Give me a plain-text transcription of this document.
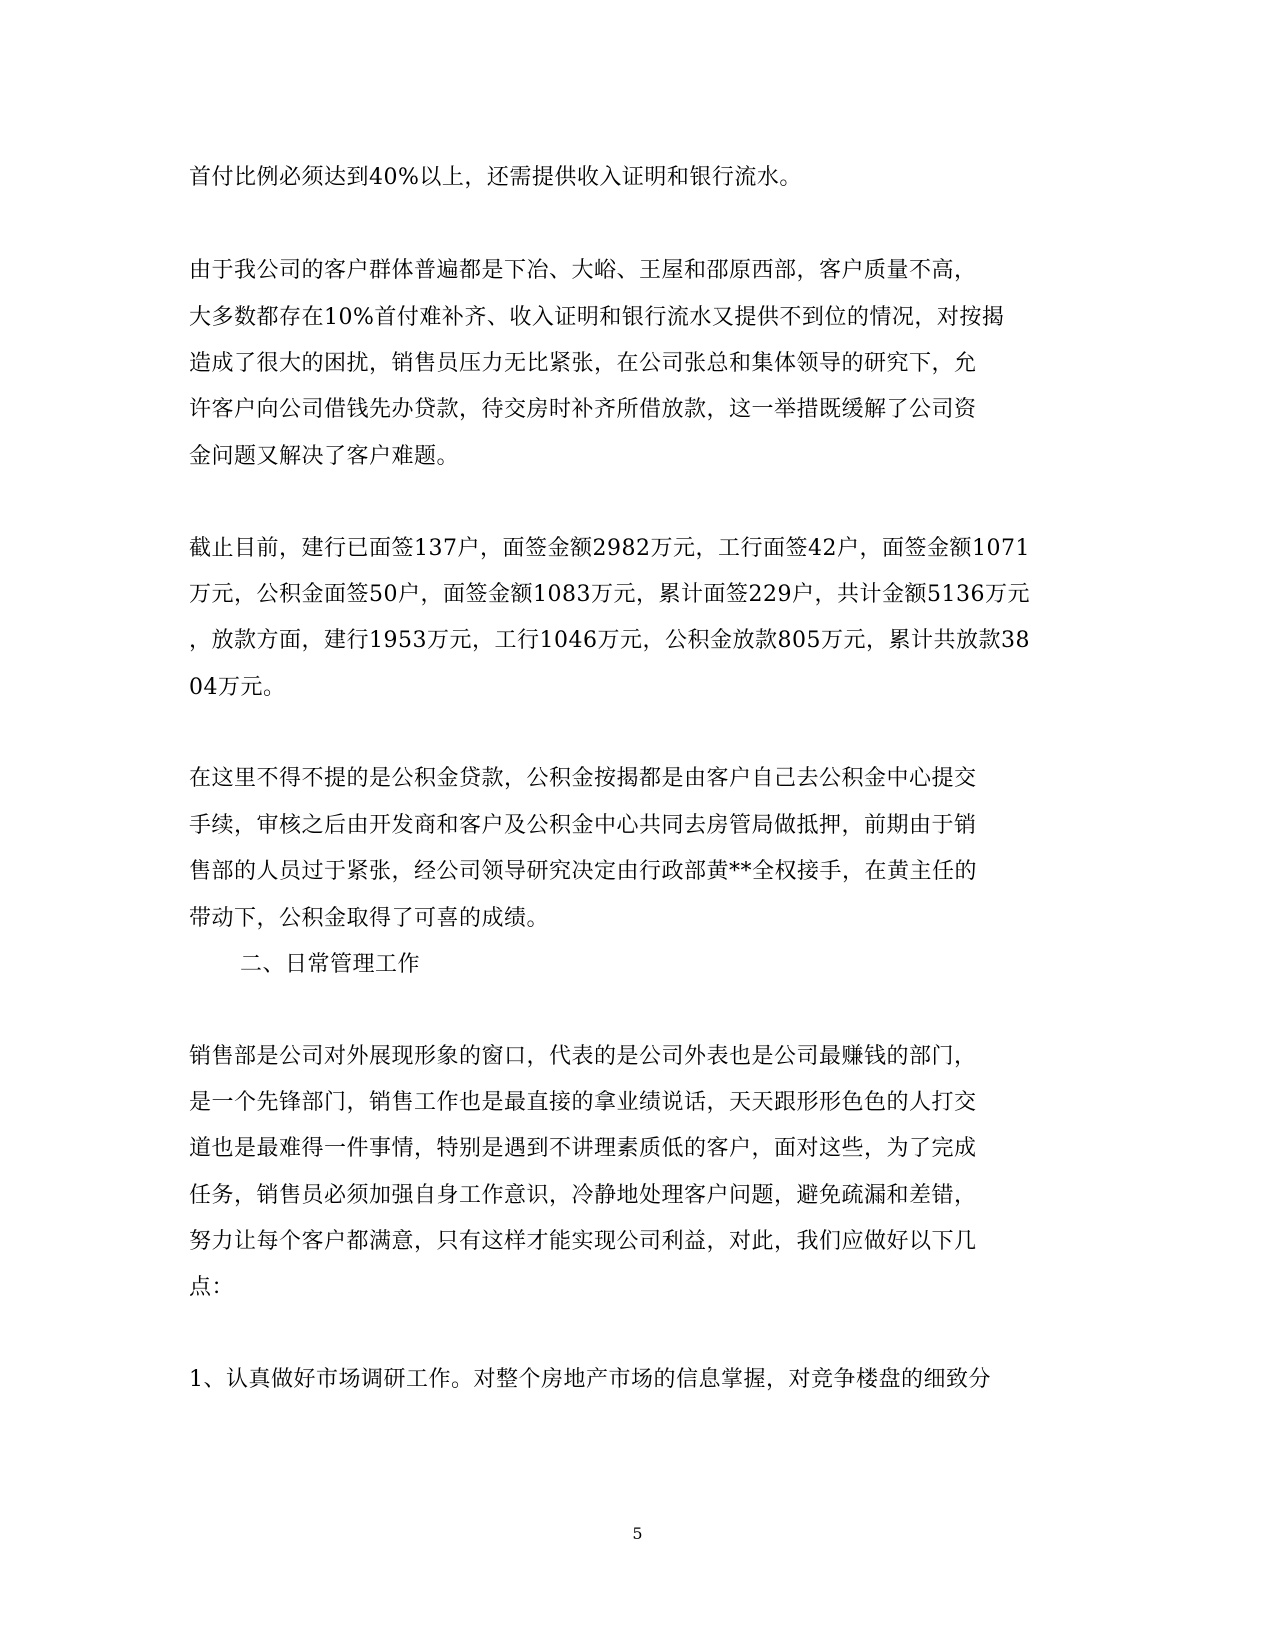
首付比例必须达到40%以上，还需提供收入证明和银行流水。
由于我公司的客户群体普遍都是下冶、大峪、王屋和邵原西部，客户质量不高，
大多数都存在10%首付难补齐、收入证明和银行流水又提供不到位的情况，对按揭
造成了很大的困扰，销售员压力无比紧张，在公司张总和集体领导的研究下，允
许客户向公司借钱先办贷款，待交房时补齐所借放款，这一举措既缓解了公司资
金问题又解决了客户难题。
截止目前，建行已面签137户，面签金额2982万元，工行面签42户，面签金额1071
万元，公积金面签50户，面签金额1083万元，累计面签229户，共计金额5136万元
，放款方面，建行1953万元，工行1046万元，公积金放款805万元，累计共放款38
04万元。
在这里不得不提的是公积金贷款，公积金按揭都是由客户自己去公积金中心提交
手续，审核之后由开发商和客户及公积金中心共同去房管局做抵押，前期由于销
售部的人员过于紧张，经公司领导研究决定由行政部黄**全权接手，在黄主任的
带动下，公积金取得了可喜的成绩。
二、日常管理工作
销售部是公司对外展现形象的窗口，代表的是公司外表也是公司最赚钱的部门，
是一个先锋部门，销售工作也是最直接的拿业绩说话，天天跟形形色色的人打交
道也是最难得一件事情，特别是遇到不讲理素质低的客户，面对这些，为了完成
任务，销售员必须加强自身工作意识，冷静地处理客户问题，避免疏漏和差错，
努力让每个客户都满意，只有这样才能实现公司利益，对此，我们应做好以下几
点：
1、认真做好市场调研工作。对整个房地产市场的信息掌握，对竞争楼盘的细致分
5
